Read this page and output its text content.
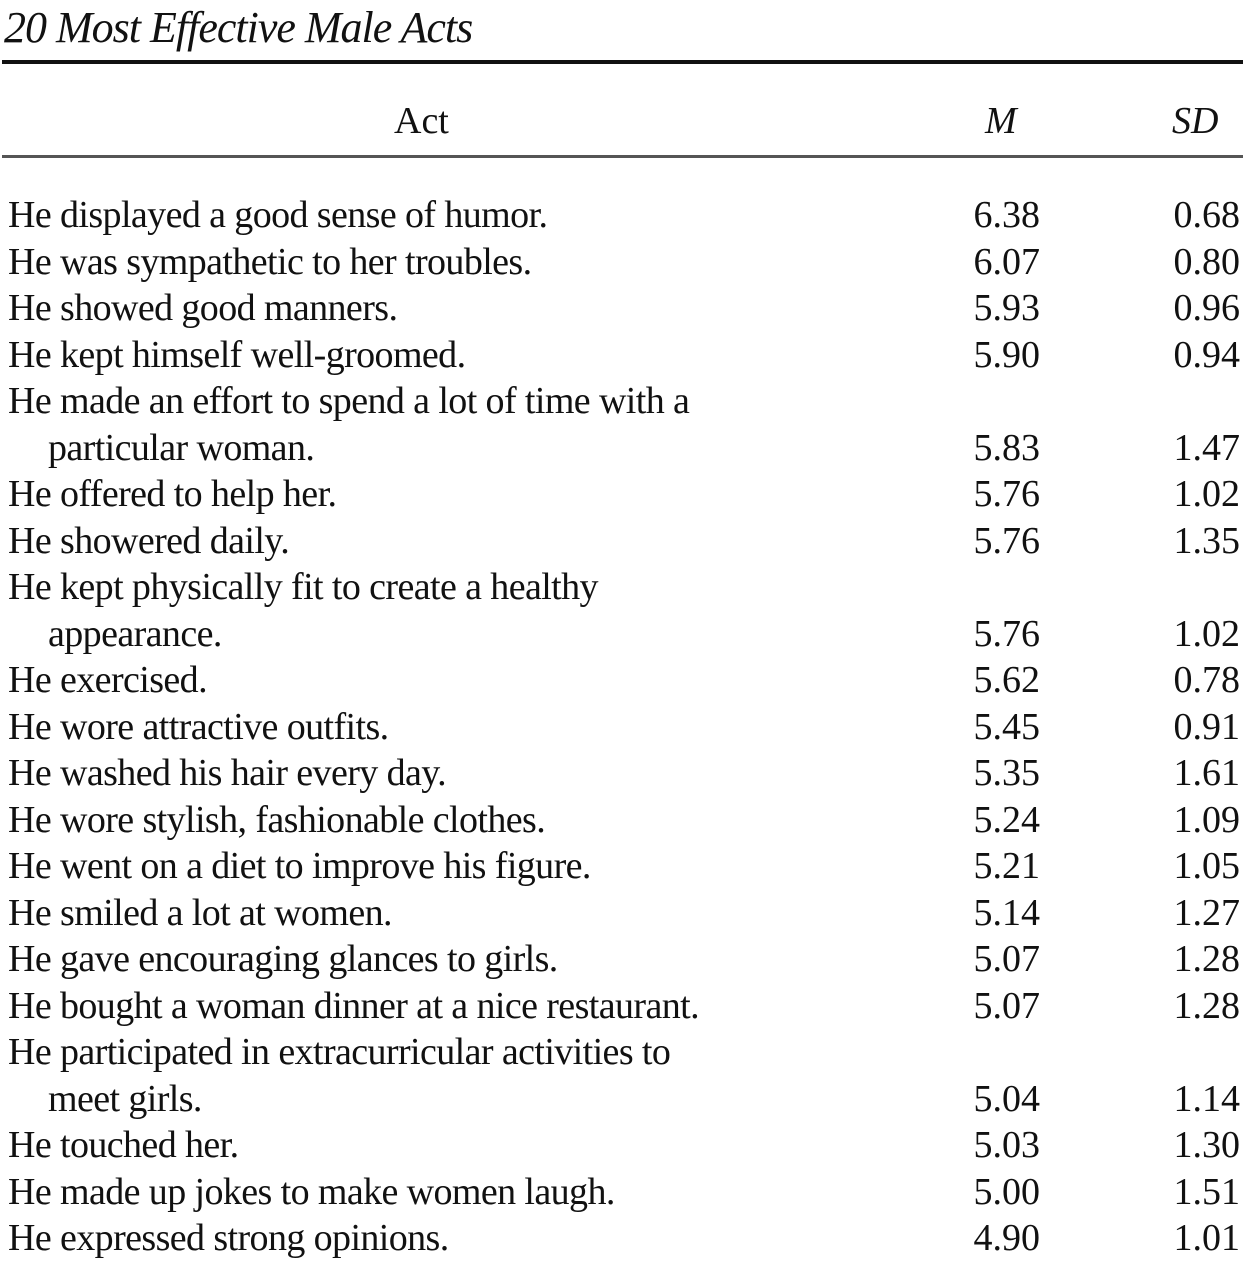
20 Most Effective Male Acts
Act	M	SD
He displayed a good sense of humor.	6.38	0.68
He was sympathetic to her troubles.	6.07	0.80
He showed good manners.	5.93	0.96
He kept himself well-groomed.	5.90	0.94
He made an effort to spend a lot of time with a
particular woman.	5.83	1.47
He offered to help her.	5.76	1.02
He showered daily.	5.76	1.35
He kept physically fit to create a healthy
appearance.	5.76	1.02
He exercised.	5.62	0.78
He wore attractive outfits.	5.45	0.91
He washed his hair every day.	5.35	1.61
He wore stylish, fashionable clothes.	5.24	1.09
He went on a diet to improve his figure.	5.21	1.05
He smiled a lot at women.	5.14	1.27
He gave encouraging glances to girls.	5.07	1.28
He bought a woman dinner at a nice restaurant.	5.07	1.28
He participated in extracurricular activities to
meet girls.	5.04	1.14
He touched her.	5.03	1.30
He made up jokes to make women laugh.	5.00	1.51
He expressed strong opinions.	4.90	1.01
